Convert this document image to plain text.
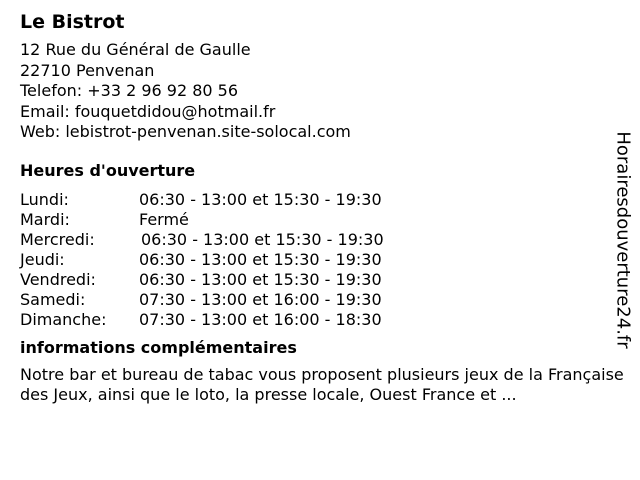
Le Bistrot
12 Rue du Général de Gaulle
22710 Penvenan
Telefon: +33 2 96 92 80 56
Email: fouquetdidou@hotmail.fr
Web: lebistrot-penvenan.site-solocal.com
Heures d'ouverture
Lundi:	06:30 - 13:00 et 15:30 - 19:30
Mardi:	Fermé
Mercredi:	06:30 - 13:00 et 15:30 - 19:30
Jeudi:	06:30 - 13:00 et 15:30 - 19:30
Vendredi:	06:30 - 13:00 et 15:30 - 19:30
Samedi:	07:30 - 13:00 et 16:00 - 19:30
Dimanche: 07:30 - 13:00 et 16:00 - 18:30
informations complémentaires
Notre bar et bureau de tabac vous proposent plusieurs jeux de la Française des Jeux, ainsi que le loto, la presse locale, Ouest France et ...
Horairesdouverture24.fr
